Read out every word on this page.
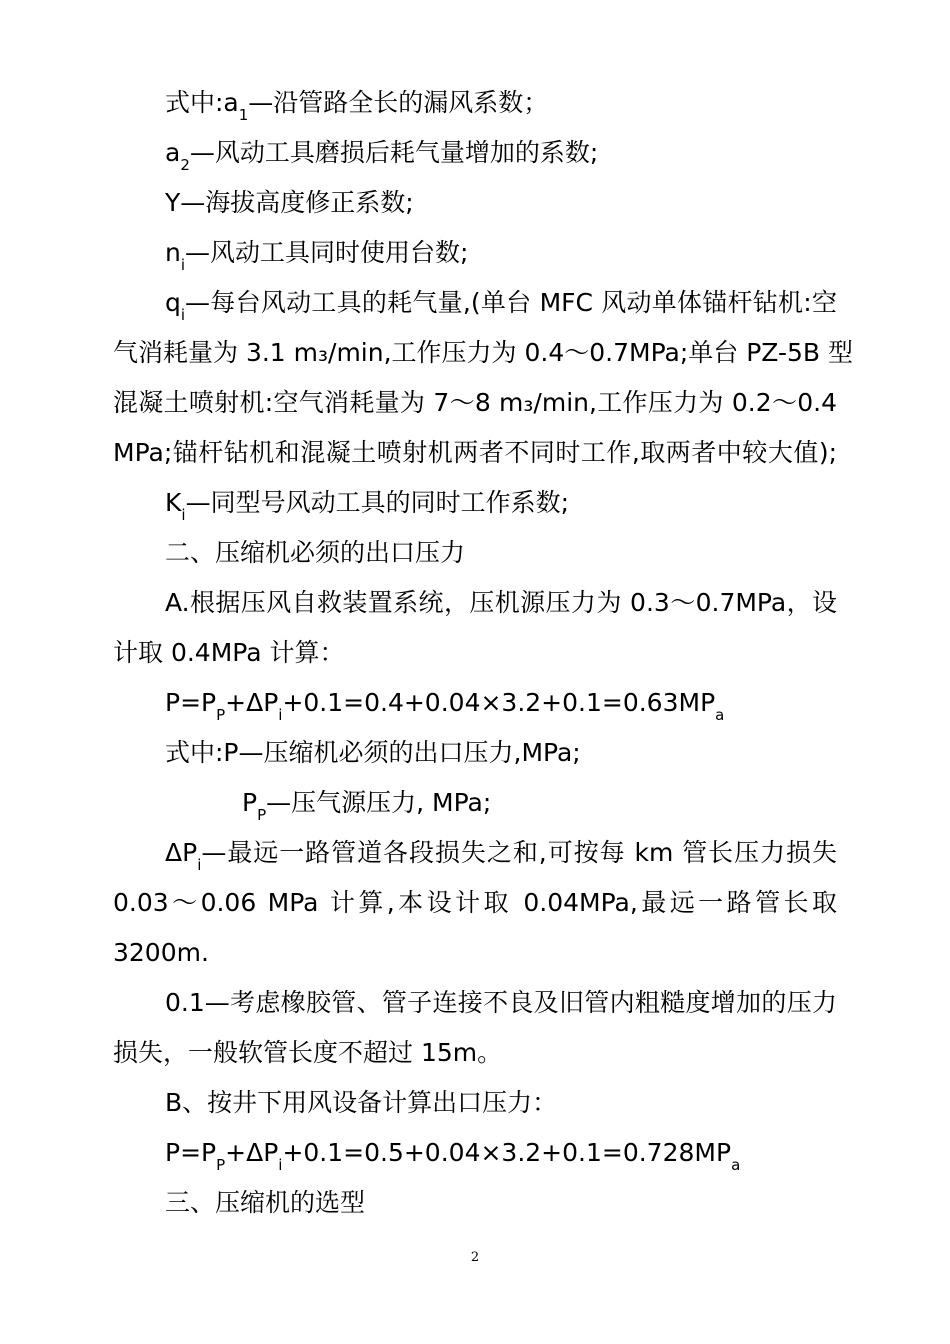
式中$:a_1—$沿管路全长的漏风系数；
$a_2—$风动工具磨损后耗气量增加的系数;
Y—海拔高度修正系数;
$n_i—$风动工具同时使用台数;
$q_i—$每台风动工具的耗气量,(单台 MFC 风动单体锚杆钻机:空
气消耗量为 3.1 m₃/min,工作压力为 0.4～0.7MPa;单台 PZ-5B 型
混凝土喷射机:空气消耗量为 7～8 m₃/min,工作压力为 0.2～0.4
MPa;锚杆钻机和混凝土喷射机两者不同时工作,取两者中较大值);
$K_i—$同型号风动工具的同时工作系数;
二、压缩机必须的出口压力
A.根据压风自救装置系统，压机源压力为 0.3～0.7MPa，设
计取 0.4MPa 计算：
$P=P_P+\Delta P_i+0.1=0.4+0.04\times 3.2+0.1=0.63MP_a$
式中:P—压缩机必须的出口压力,MPa;
$P_P—$压气源压力, MPa;
$\Delta P_i—$最远一路管道各段损失之和,可按每 km 管长压力损失
0.03～0.06 MPa 计算,本设计取 0.04MPa,最远一路管长取
3200m.
0.1—考虑橡胶管、管子连接不良及旧管内粗糙度增加的压力
损失，一般软管长度不超过 15m。
B、按井下用风设备计算出口压力：
$P=P_P+\Delta P_i+0.1=0.5+0.04\times 3.2+0.1=0.728MP_a$
三、压缩机的选型
2
